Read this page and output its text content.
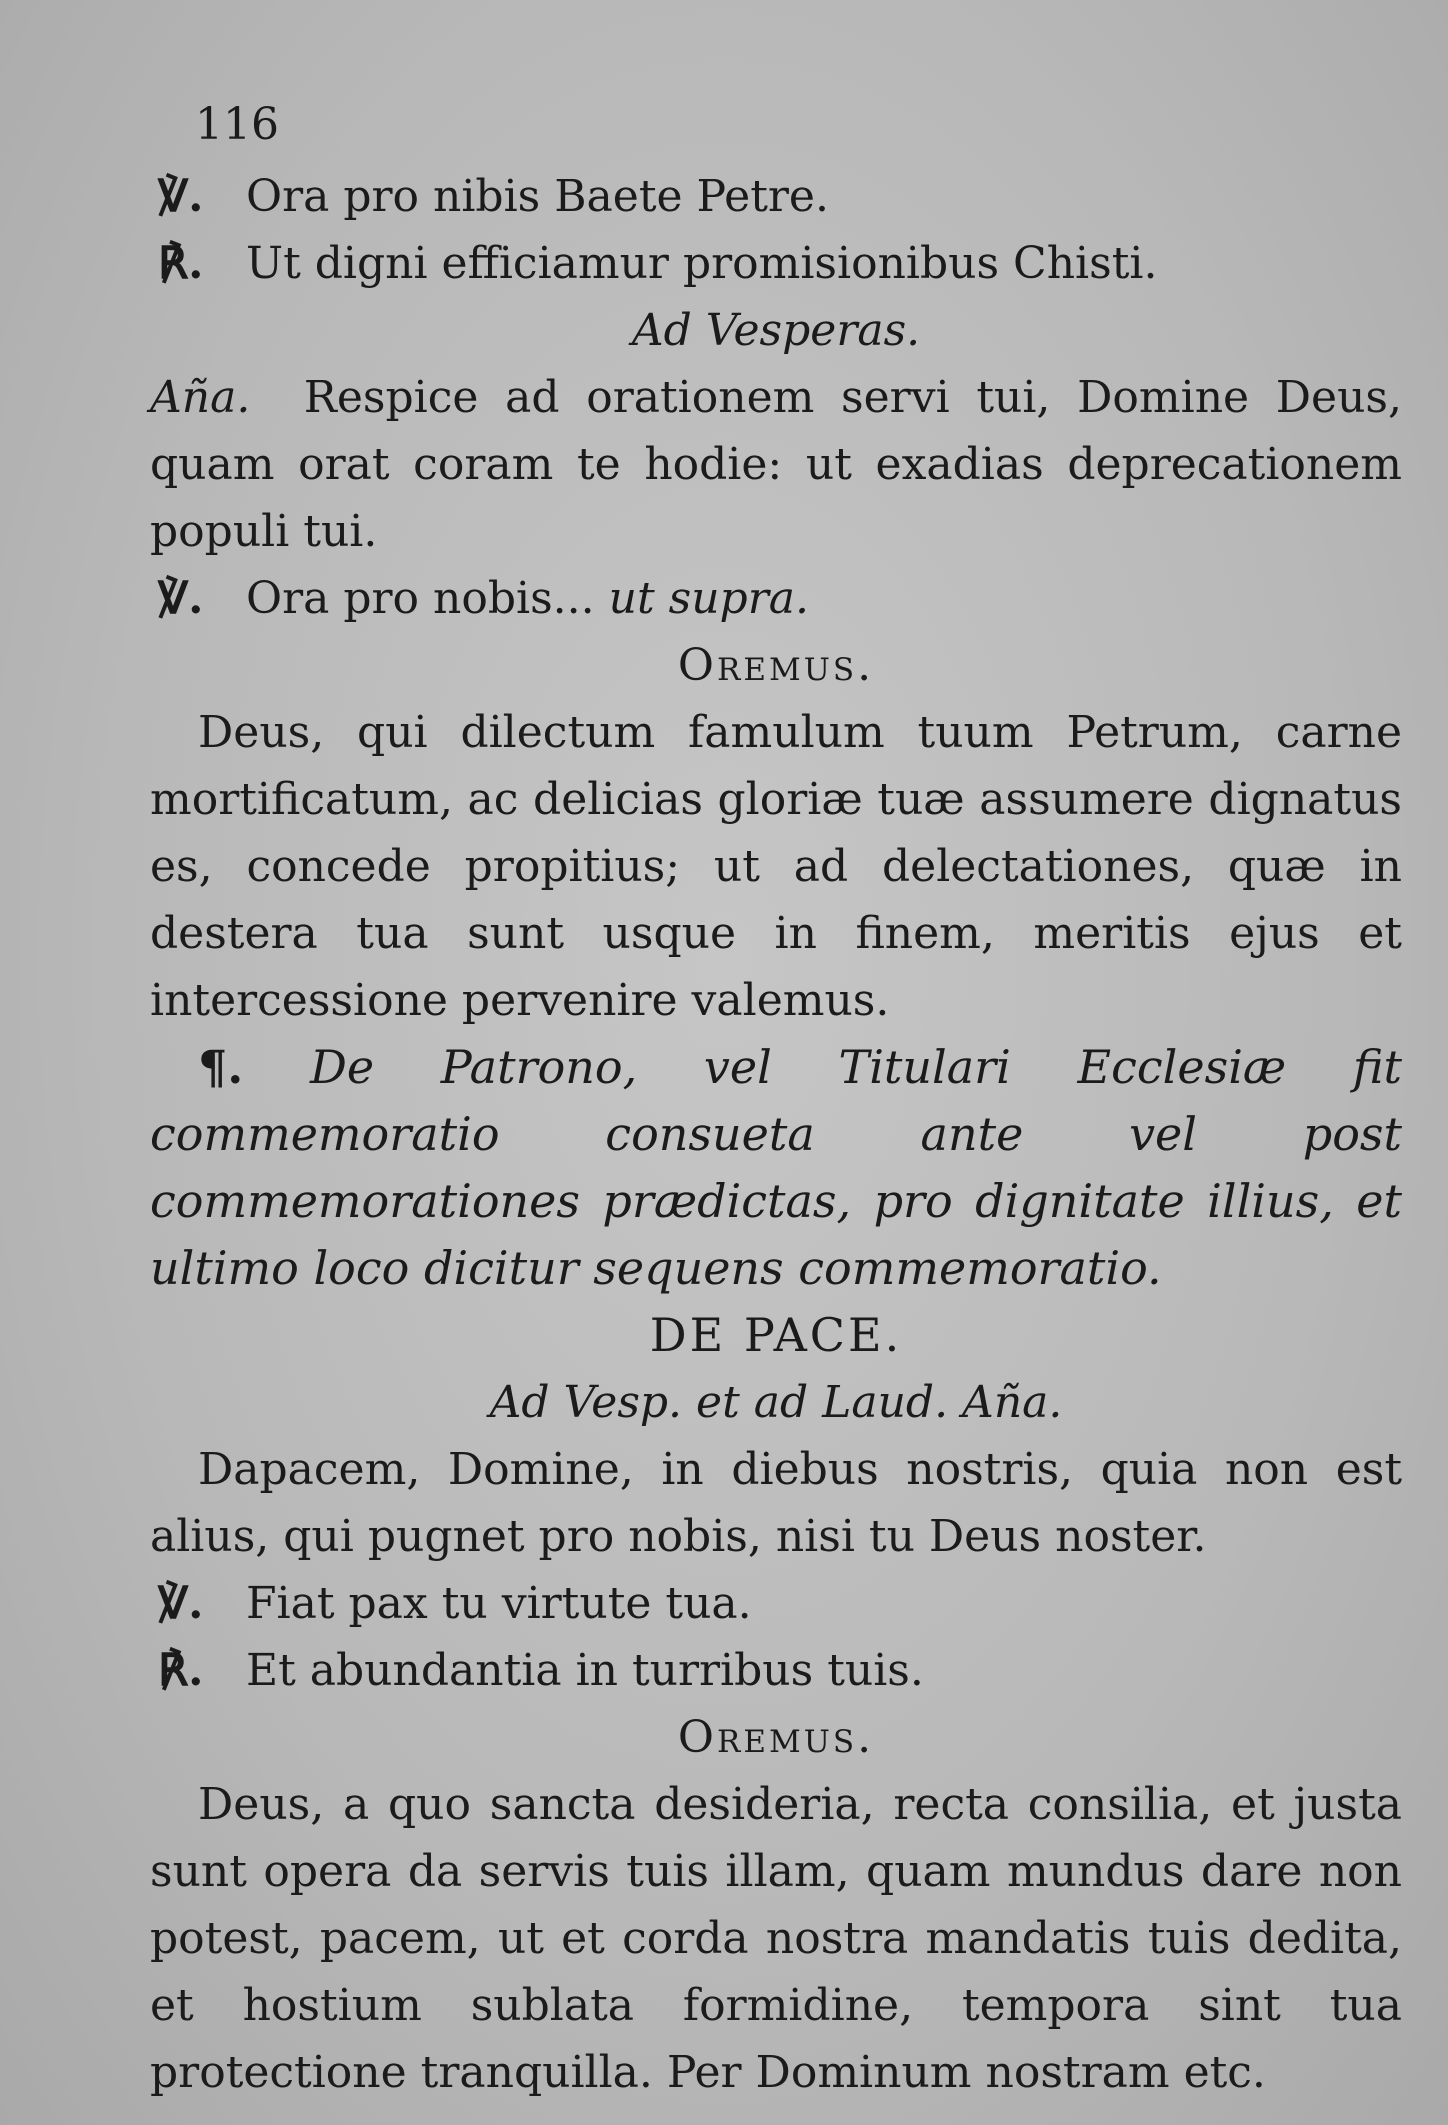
116

℣. Ora pro nibis Baete Petre.

℟. Ut digni efficiamur promisionibus Chisti.

Ad Vesperas.

Aña. Respice ad orationem servi tui, Domine Deus, quam orat coram te hodie: ut exadias deprecationem populi tui.

℣. Ora pro nobis... ut supra.

Oremus.

Deus, qui dilectum famulum tuum Petrum, carne mortificatum, ac delicias gloriæ tuæ assumere dignatus es, concede propitius; ut ad delectationes, quæ in destera tua sunt usque in finem, meritis ejus et intercessione pervenire valemus.

¶. De Patrono, vel Titulari Ecclesiæ fit commemoratio consueta ante vel post commemorationes prædictas, pro dignitate illius, et ultimo loco dicitur sequens commemoratio.

DE PACE.

Ad Vesp. et ad Laud. Aña.

Dapacem, Domine, in diebus nostris, quia non est alius, qui pugnet pro nobis, nisi tu Deus noster.

℣. Fiat pax tu virtute tua.

℟. Et abundantia in turribus tuis.

Oremus.

Deus, a quo sancta desideria, recta consilia, et justa sunt opera da servis tuis illam, quam mundus dare non potest, pacem, ut et corda nostra mandatis tuis dedita, et hostium sublata formidine, tempora sint tua protectione tranquilla. Per Dominum nostram etc.
